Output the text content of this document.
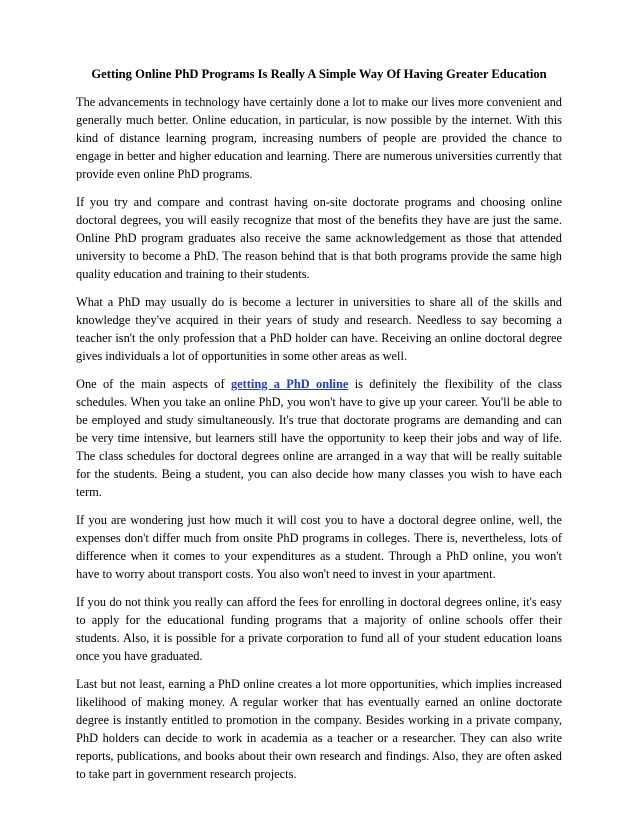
Getting Online PhD Programs Is Really A Simple Way Of Having Greater Education

The advancements in technology have certainly done a lot to make our lives more convenient and generally much better. Online education, in particular, is now possible by the internet. With this kind of distance learning program, increasing numbers of people are provided the chance to engage in better and higher education and learning. There are numerous universities currently that provide even online PhD programs.

If you try and compare and contrast having on-site doctorate programs and choosing online doctoral degrees, you will easily recognize that most of the benefits they have are just the same. Online PhD program graduates also receive the same acknowledgement as those that attended university to become a PhD. The reason behind that is that both programs provide the same high quality education and training to their students.

What a PhD may usually do is become a lecturer in universities to share all of the skills and knowledge they've acquired in their years of study and research. Needless to say becoming a teacher isn't the only profession that a PhD holder can have. Receiving an online doctoral degree gives individuals a lot of opportunities in some other areas as well.

One of the main aspects of getting a PhD online is definitely the flexibility of the class schedules. When you take an online PhD, you won't have to give up your career. You'll be able to be employed and study simultaneously. It's true that doctorate programs are demanding and can be very time intensive, but learners still have the opportunity to keep their jobs and way of life. The class schedules for doctoral degrees online are arranged in a way that will be really suitable for the students. Being a student, you can also decide how many classes you wish to have each term.

If you are wondering just how much it will cost you to have a doctoral degree online, well, the expenses don't differ much from onsite PhD programs in colleges. There is, nevertheless, lots of difference when it comes to your expenditures as a student. Through a PhD online, you won't have to worry about transport costs. You also won't need to invest in your apartment.

If you do not think you really can afford the fees for enrolling in doctoral degrees online, it's easy to apply for the educational funding programs that a majority of online schools offer their students. Also, it is possible for a private corporation to fund all of your student education loans once you have graduated.

Last but not least, earning a PhD online creates a lot more opportunities, which implies increased likelihood of making money. A regular worker that has eventually earned an online doctorate degree is instantly entitled to promotion in the company. Besides working in a private company, PhD holders can decide to work in academia as a teacher or a researcher. They can also write reports, publications, and books about their own research and findings. Also, they are often asked to take part in government research projects.
